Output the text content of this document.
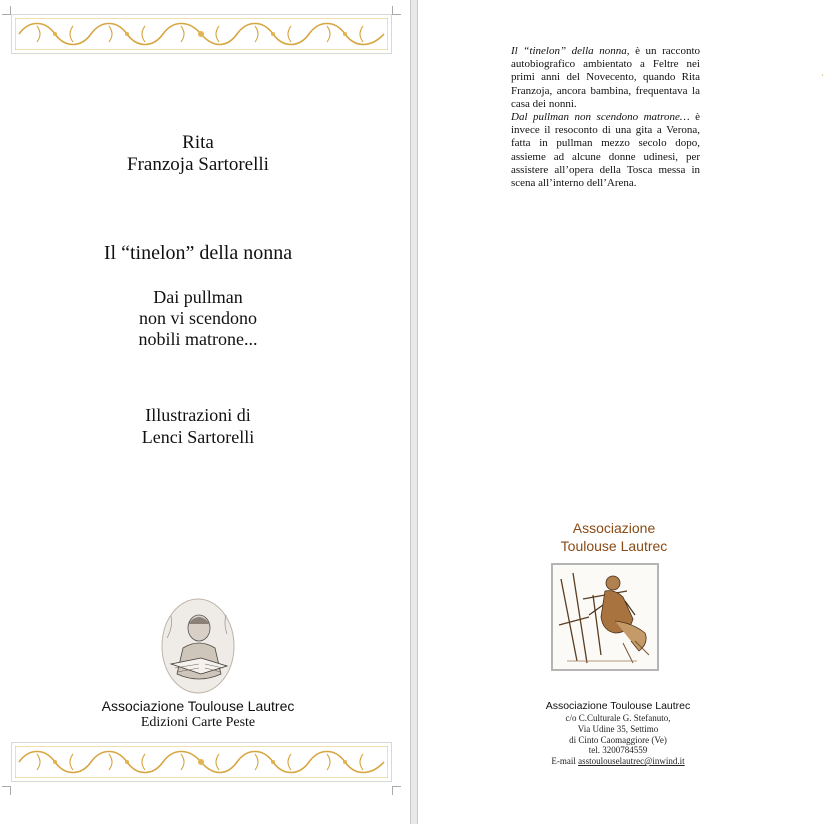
Rita
Franzoja Sartorelli
Il “tinelon” della nonna
Dai pullman
non vi scendono
nobili matrone...
Illustrazioni di
Lenci Sartorelli
Associazione Toulouse Lautrec
Edizioni Carte Peste

Il “tinelon” della nonna, è un racconto autobiografico ambientato a Feltre nei primi anni del Novecento, quando Rita Franzoja, ancora bambina, frequentava la casa dei nonni.

Dal pullman non scendono matrone… è invece il resoconto di una gita a Verona, fatta in pullman mezzo secolo dopo, assieme ad alcune donne udinesi, per assistere all’opera della Tosca messa in scena all’interno dell’Arena.

Associazione
Toulouse Lautrec
Associazione Toulouse Lautrec
c/o C.Culturale G. Stefanuto,
Via Udine 35, Settimo
di Cinto Caomaggiore (Ve)
tel. 3200784559
E-mail asstoulouselautrec@inwind.it
·
